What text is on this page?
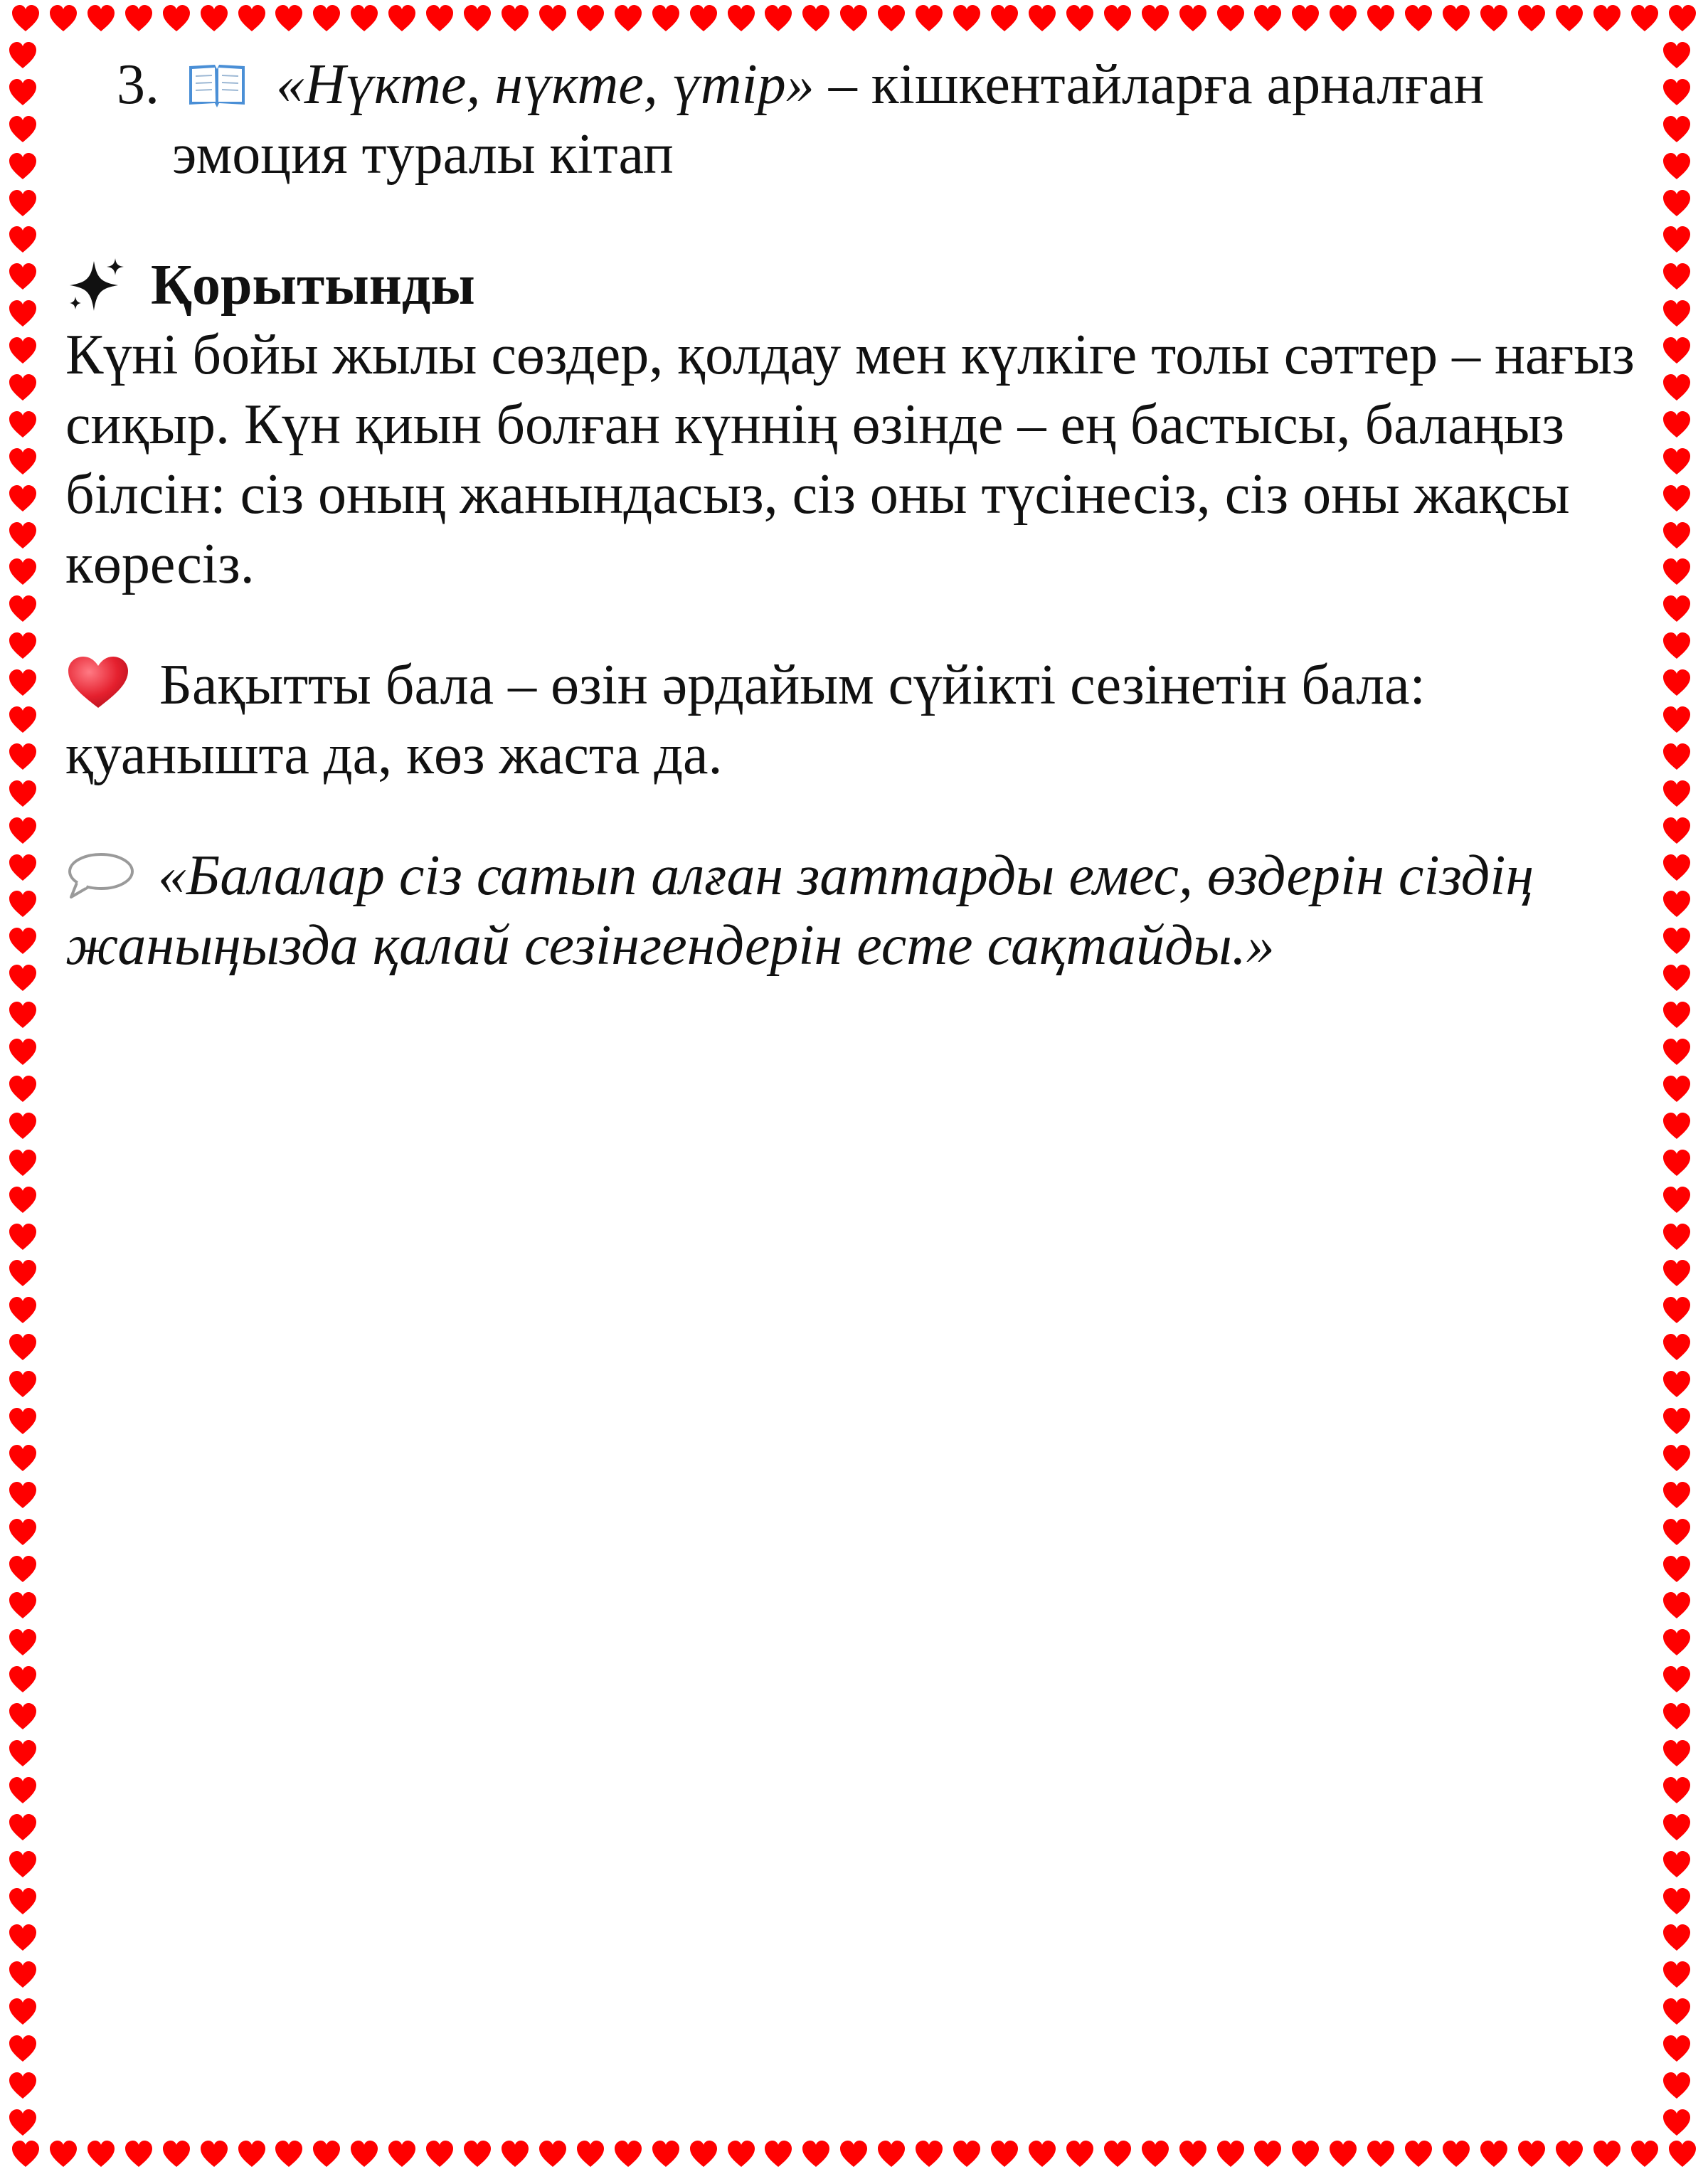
3. «Нүкте, нүкте, үтір» – кішкентайларға арналған

эмоция туралы кітап

Қорытынды

Күні бойы жылы сөздер, қолдау мен күлкіге толы сәттер – нағыз сиқыр. Күн қиын болған күннің өзінде – ең бастысы, балаңыз білсін: сіз оның жанындасыз, сіз оны түсінесіз, сіз оны жақсы көресіз.

Бақытты бала – өзін әрдайым сүйікті сезінетін бала: қуанышта да, көз жаста да.

«Балалар сіз сатып алған заттарды емес, өздерін сіздің жаныңызда қалай сезінгендерін есте сақтайды.»
